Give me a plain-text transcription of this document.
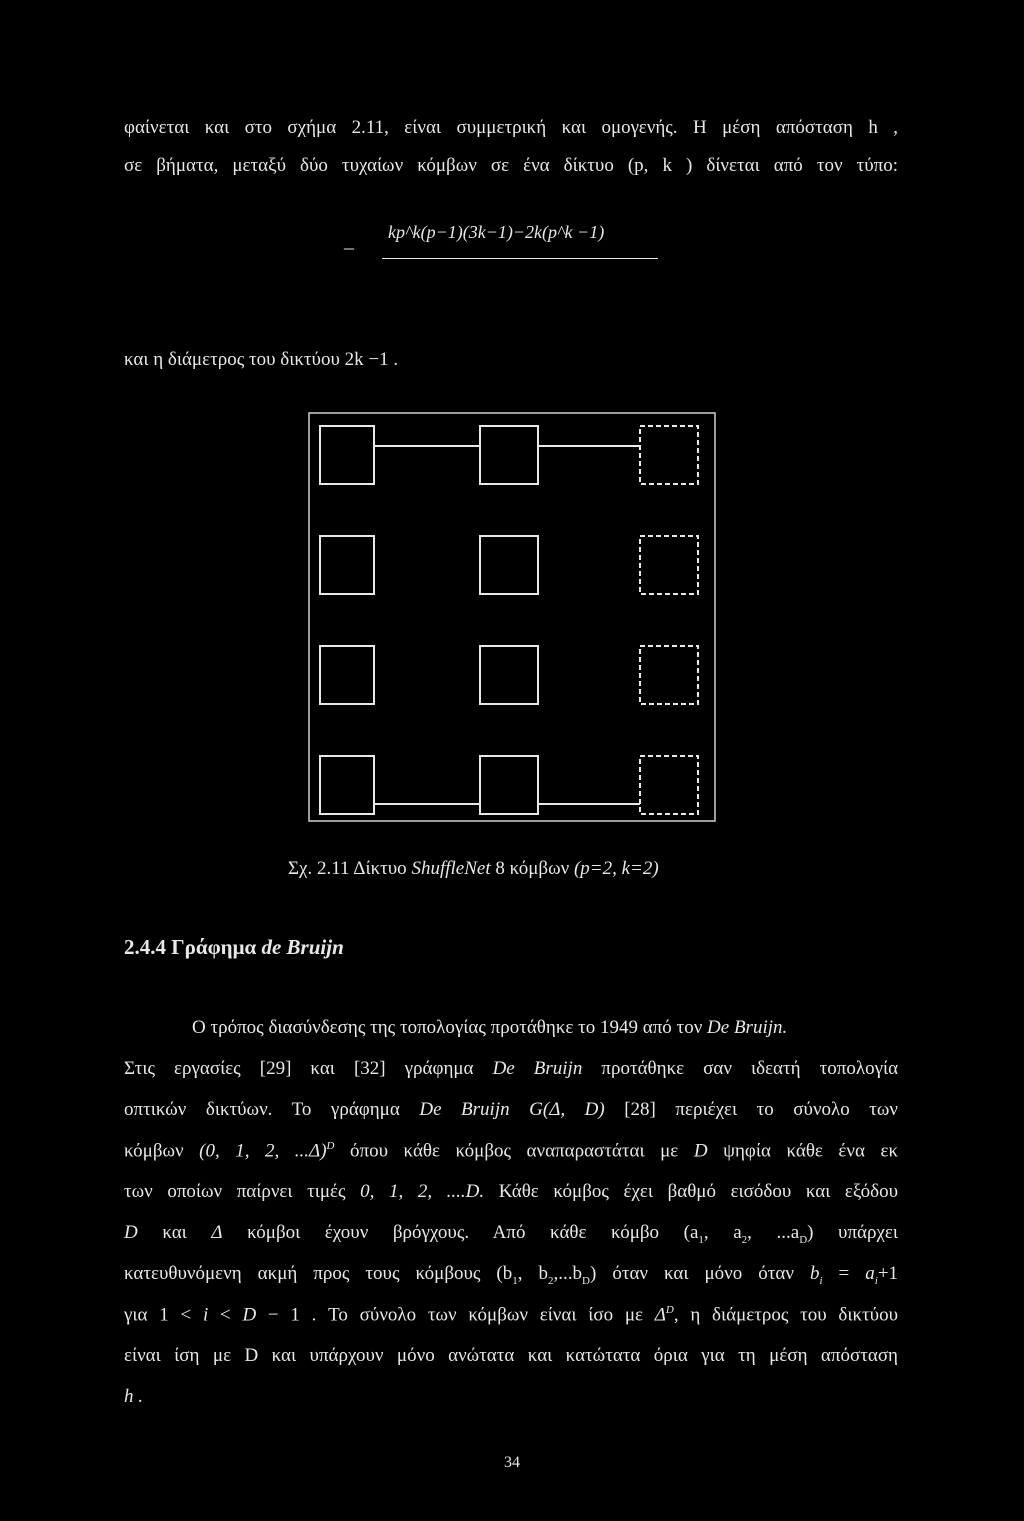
φαίνεται και στο σχήμα 2.11, είναι συμμετρική και ομογενής. Η μέση απόσταση h ,
σε βήματα, μεταξύ δύο τυχαίων κόμβων σε ένα δίκτυο (p, k ) δίνεται από τον τύπο:
_ kp^k(p−1)(3k−1)−2k(p^k −1)
και η διάμετρος του δικτύου 2k −1 .
Σχ. 2.11 Δίκτυο ShuffleNet 8 κόμβων (p=2, k=2)
2.4.4 Γράφημα de Bruijn
Ο τρόπος διασύνδεσης της τοπολογίας προτάθηκε το 1949 από τον De Bruijn.
Στις εργασίες [29] και [32] γράφημα De Bruijn προτάθηκε σαν ιδεατή τοπολογία
οπτικών δικτύων. Το γράφημα De Bruijn G(Δ, D) [28] περιέχει το σύνολο των
κόμβων (0, 1, 2, ...Δ)$^D$ όπου κάθε κόμβος αναπαραστάται με D ψηφία κάθε ένα εκ
των οποίων παίρνει τιμές 0, 1, 2, ....D. Κάθε κόμβος έχει βαθμό εισόδου και εξόδου
D και Δ κόμβοι έχουν βρόγχους. Από κάθε κόμβο ($a_1$, $a_2$, $...a_D$) υπάρχει
κατευθυνόμενη ακμή προς τους κόμβους ($b_1$, $b_2,...b_D$) όταν και μόνο όταν $b_i = a_i+1$
για 1 < i < D − 1 . Το σύνολο των κόμβων είναι ίσο με $\Delta^D$, η διάμετρος του δικτύου
είναι ίση με D και υπάρχουν μόνο ανώτατα και κατώτατα όρια για τη μέση απόσταση
h .
34
